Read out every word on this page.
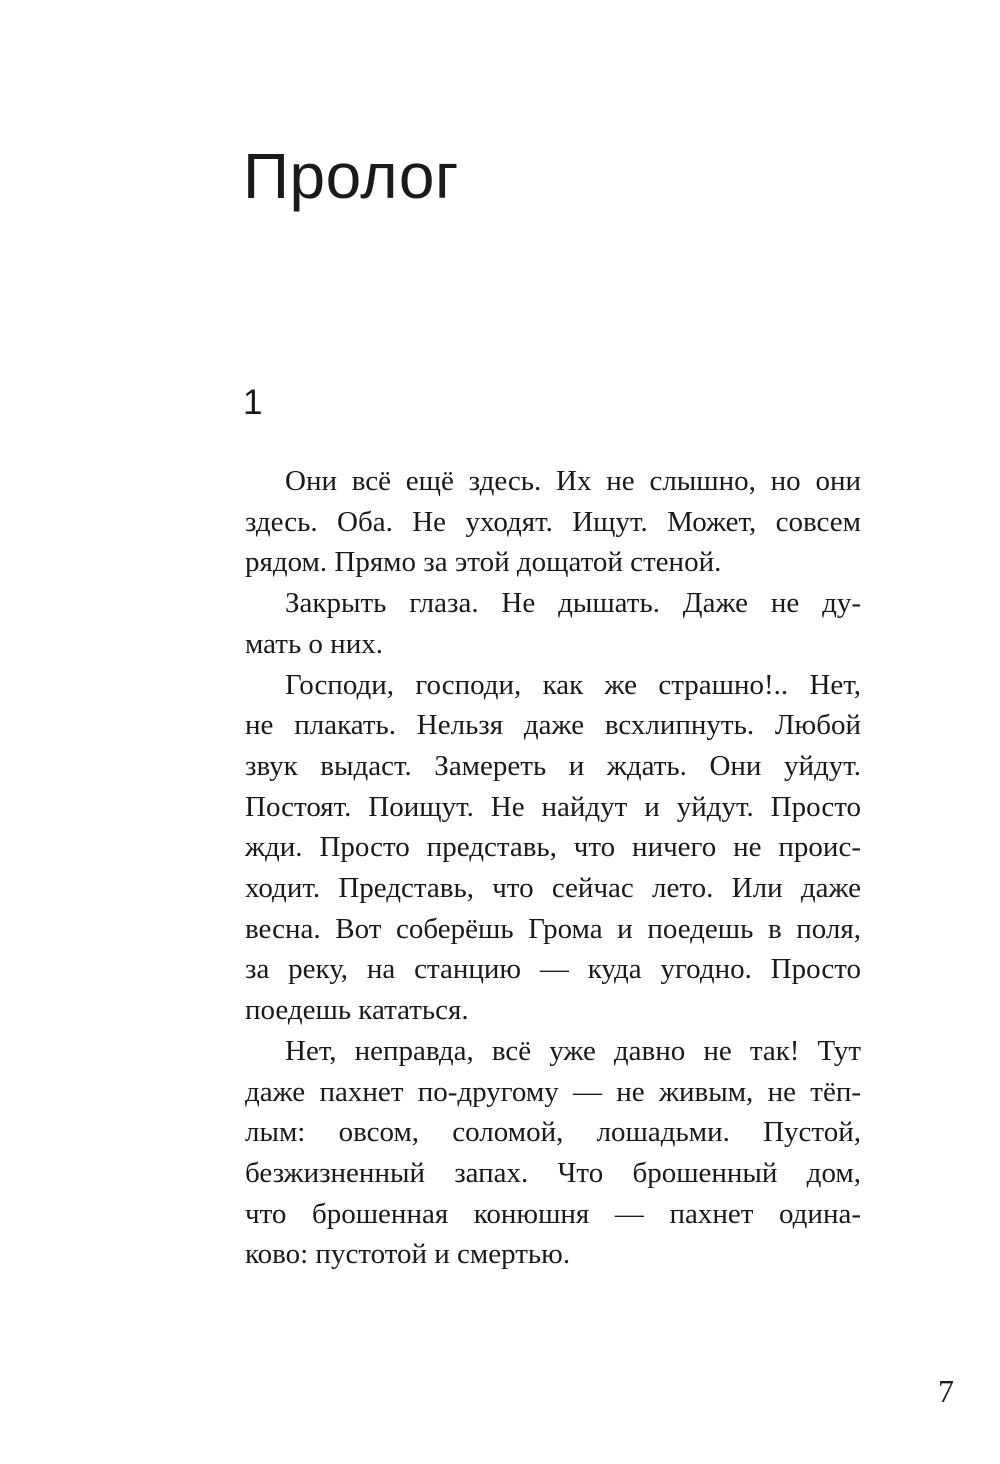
Пролог
1
Они всё ещё здесь. Их не слышно, но они
здесь. Оба. Не уходят. Ищут. Может, совсем
рядом. Прямо за этой дощатой стеной.
Закрыть глаза. Не дышать. Даже не ду-
мать о них.
Господи, господи, как же страшно!.. Нет,
не плакать. Нельзя даже всхлипнуть. Любой
звук выдаст. Замереть и ждать. Они уйдут.
Постоят. Поищут. Не найдут и уйдут. Просто
жди. Просто представь, что ничего не проис-
ходит. Представь, что сейчас лето. Или даже
весна. Вот соберёшь Грома и поедешь в поля,
за реку, на станцию — куда угодно. Просто
поедешь кататься.
Нет, неправда, всё уже давно не так! Тут
даже пахнет по-другому — не живым, не тёп-
лым: овсом, соломой, лошадьми. Пустой,
безжизненный запах. Что брошенный дом,
что брошенная конюшня — пахнет одина-
ково: пустотой и смертью.
7
